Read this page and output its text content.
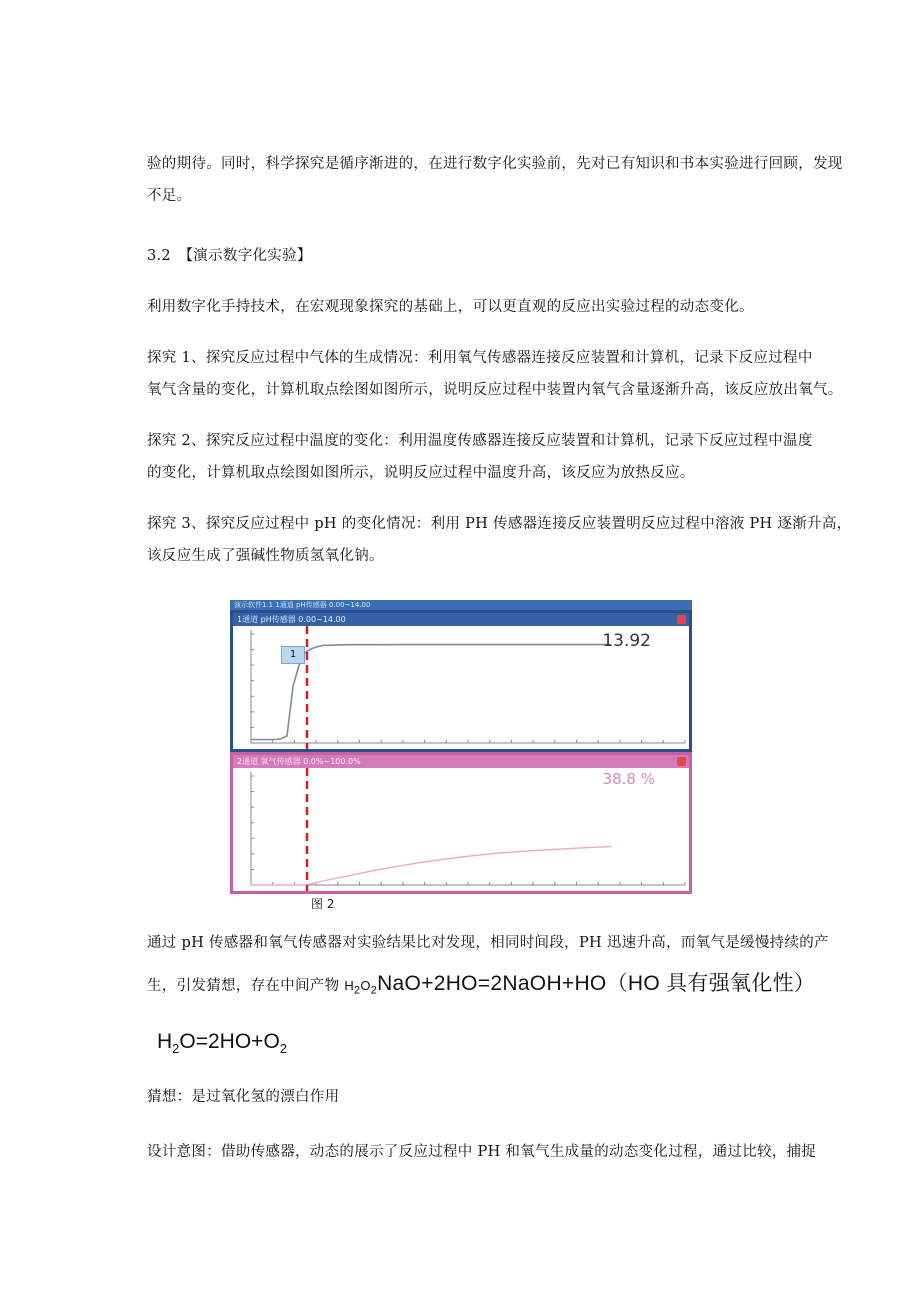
验的期待。同时，科学探究是循序渐进的，在进行数字化实验前，先对已有知识和书本实验进行回顾，发现
不足。
3.2　【演示数字化实验】
利用数字化手持技术，在宏观现象探究的基础上，可以更直观的反应出实验过程的动态变化。
探究 1、探究反应过程中气体的生成情况：利用氧气传感器连接反应装置和计算机，记录下反应过程中
氧气含量的变化，计算机取点绘图如图所示，说明反应过程中装置内氧气含量逐渐升高，该反应放出氧气。
探究 2、探究反应过程中温度的变化：利用温度传感器连接反应装置和计算机，记录下反应过程中温度
的变化，计算机取点绘图如图所示，说明反应过程中温度升高，该反应为放热反应。
探究 3、探究反应过程中 pH 的变化情况：利用 PH 传感器连接反应装置明反应过程中溶液 PH 逐渐升高，
该反应生成了强碱性物质氢氧化钠。
演示软件1.1 1通道 pH传感器 0.00~14.00
1通道 pH传感器 0.00~14.00
1
13.92
2通道 氧气传感器 0.0%~100.0%
38.8 %
图 2
通过 pH 传感器和氧气传感器对实验结果比对发现，相同时间段，PH 迅速升高，而氧气是缓慢持续的产
生，引发猜想，存在中间产物 $H_2O_2NaO+2HO=2NaOH+HO(HO$ 具有强氧化性）
$H_2O=2HO+O_2$
猜想：是过氧化氢的漂白作用
设计意图：借助传感器，动态的展示了反应过程中 PH 和氧气生成量的动态变化过程，通过比较，捕捉
